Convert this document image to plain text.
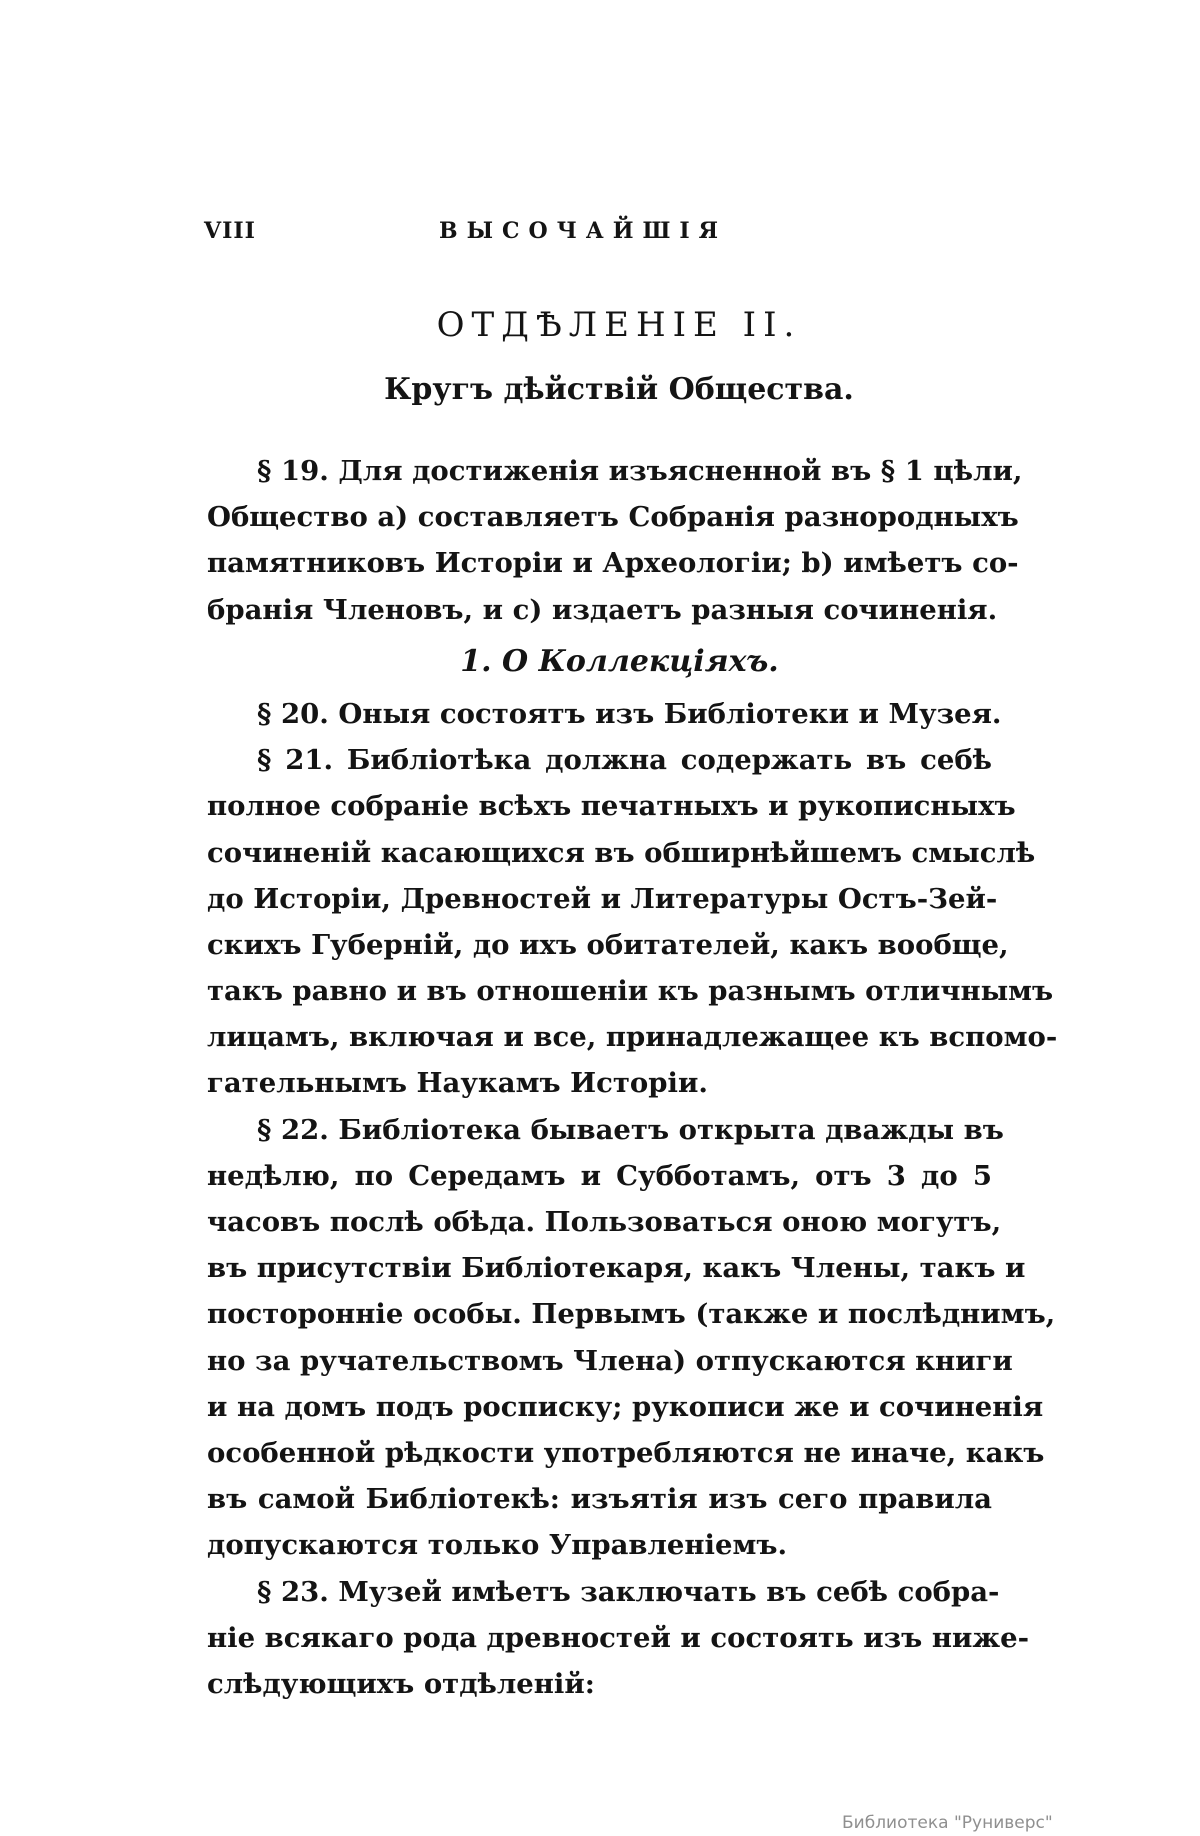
VIII	ВЫСОЧАЙШІЯ
ОТДѢЛЕНІЕ II.
Кругъ дѣйствій Общества.
§ 19. Для достиженія изъясненной въ § 1 цѣли,
Общество а) составляетъ Собранія разнородныхъ
памятниковъ Исторіи и Археологіи; b) имѣетъ со-
бранія Членовъ, и с) издаетъ разныя сочиненія.
1. О Коллекціяхъ.
§ 20. Оныя состоятъ изъ Библіотеки и Музея.
§ 21. Библіотѣка должна содержать въ себѣ
полное собраніе всѣхъ печатныхъ и рукописныхъ
сочиненій касающихся въ обширнѣйшемъ смыслѣ
до Исторіи, Древностей и Литературы Остъ-Зей-
скихъ Губерній, до ихъ обитателей, какъ вообще,
такъ равно и въ отношеніи къ разнымъ отличнымъ
лицамъ, включая и все, принадлежащее къ вспомо-
гательнымъ Наукамъ Исторіи.
§ 22. Библіотека бываетъ открыта дважды въ
недѣлю, по Середамъ и Субботамъ, отъ 3 до 5
часовъ послѣ обѣда. Пользоваться оною могутъ,
въ присутствіи Библіотекаря, какъ Члены, такъ и
посторонніе особы. Первымъ (также и послѣднимъ,
но за ручательствомъ Члена) отпускаются книги
и на домъ подъ росписку; рукописи же и сочиненія
особенной рѣдкости употребляются не иначе, какъ
въ самой Библіотекѣ: изъятія изъ сего правила
допускаются только Управленіемъ.
§ 23. Музей имѣетъ заключать въ себѣ собра-
ніе всякаго рода древностей и состоять изъ ниже-
слѣдующихъ отдѣленій:
Библиотека "Руниверс"
